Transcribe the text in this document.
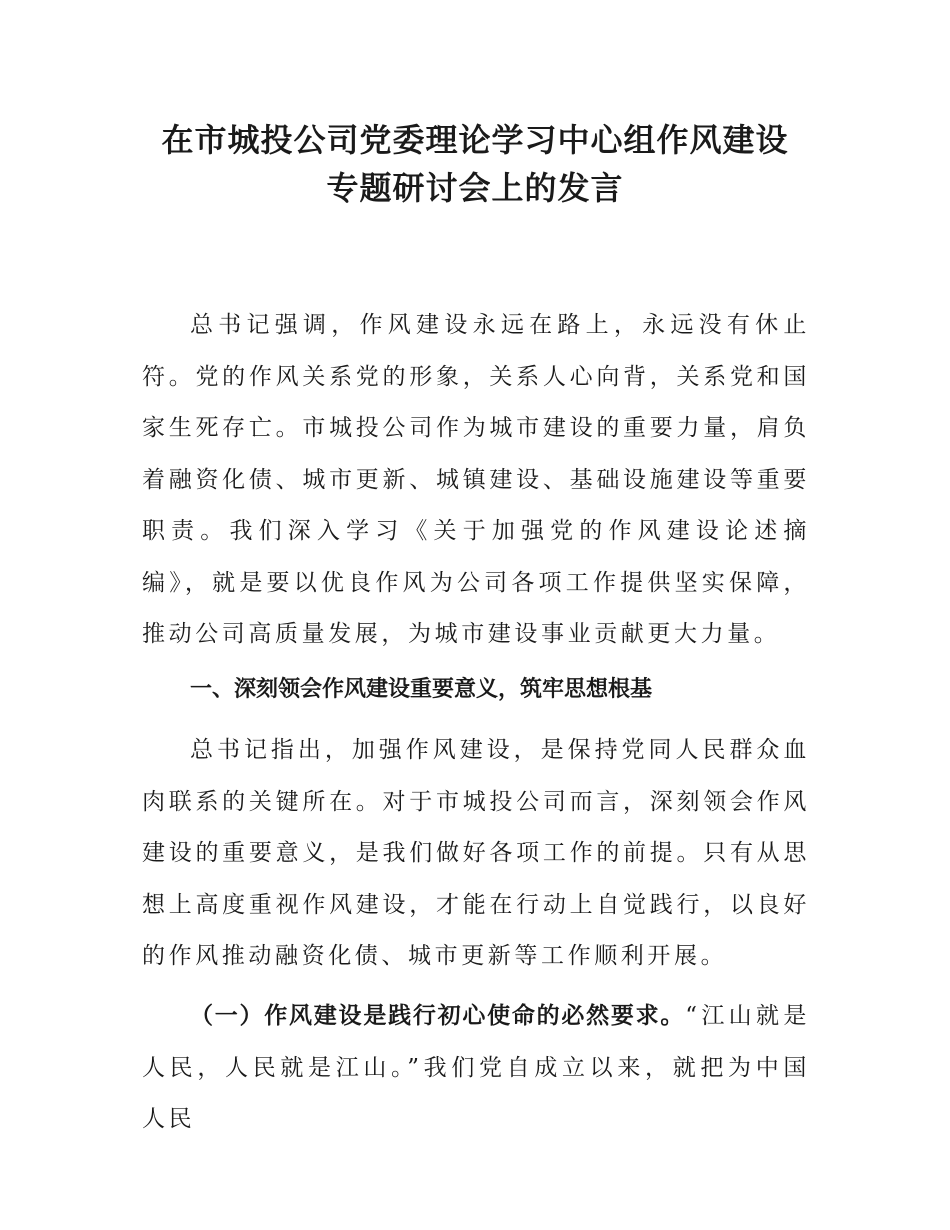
在市城投公司党委理论学习中心组作风建设
专题研讨会上的发言

总书记强调，作风建设永远在路上，永远没有休止符。党的作风关系党的形象，关系人心向背，关系党和国家生死存亡。市城投公司作为城市建设的重要力量，肩负着融资化债、城市更新、城镇建设、基础设施建设等重要职责。我们深入学习《关于加强党的作风建设论述摘编》，就是要以优良作风为公司各项工作提供坚实保障，推动公司高质量发展，为城市建设事业贡献更大力量。

一、深刻领会作风建设重要意义，筑牢思想根基

总书记指出，加强作风建设，是保持党同人民群众血肉联系的关键所在。对于市城投公司而言，深刻领会作风建设的重要意义，是我们做好各项工作的前提。只有从思想上高度重视作风建设，才能在行动上自觉践行，以良好的作风推动融资化债、城市更新等工作顺利开展。

（一）作风建设是践行初心使命的必然要求。“江山就是人民，人民就是江山。”我们党自成立以来，就把为中国人民
